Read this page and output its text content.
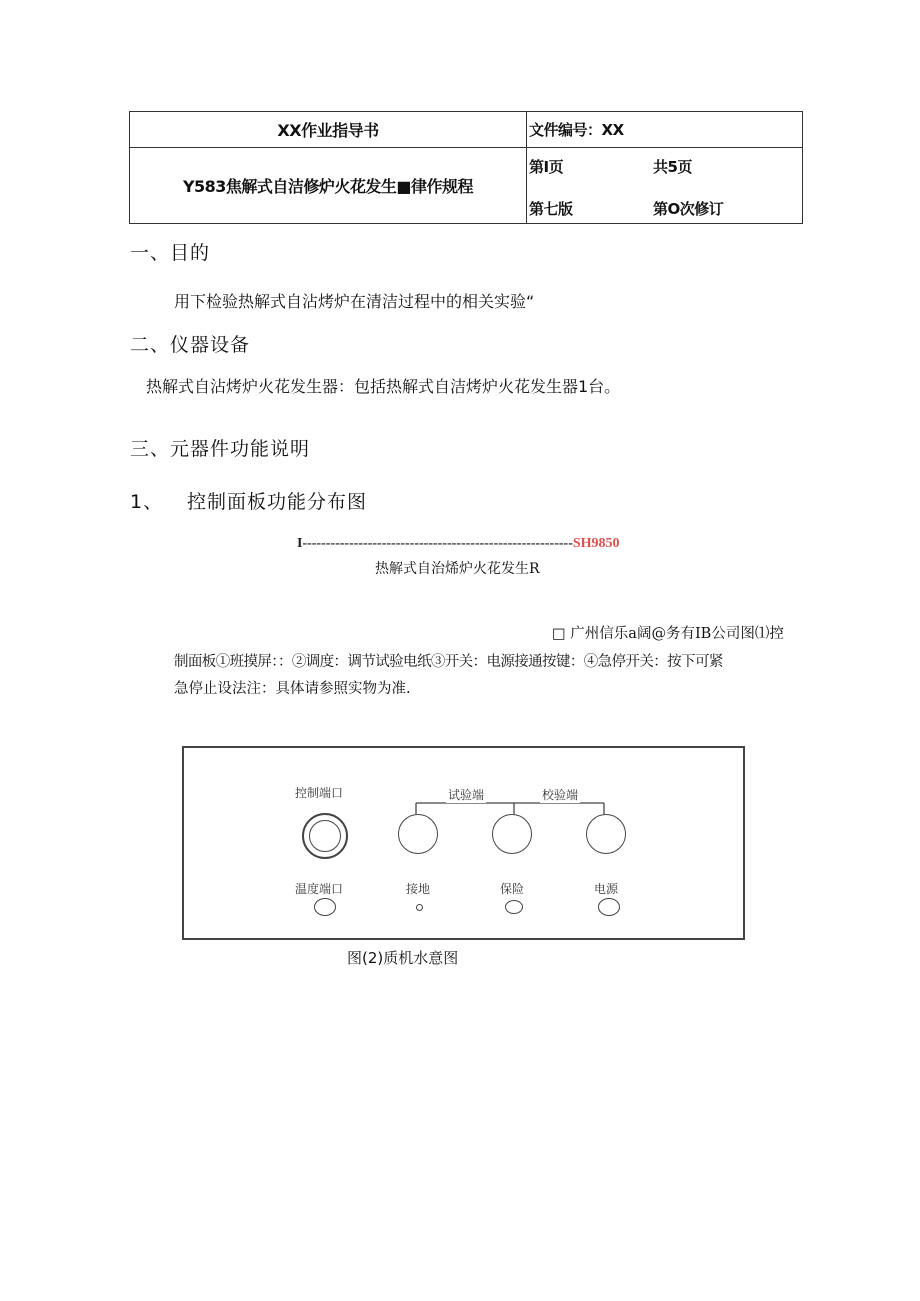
XX作业指导书	文件编号：XX
Y583焦解式自洁修炉火花发生■律作规程	第I页 共5页
第七版 第O次修订
一、目的
用下检验热解式自沾烤炉在清洁过程中的相关实验“
二、仪器设备
热解式自沾烤炉火花发生器：包括热解式自洁烤炉火花发生器1台。
三、元器件功能说明
1、 控制面板功能分布图
I----------------------------------------------------------SH9850
热解式自治烯炉火花发生R
□ 广州信乐a阔@务有IB公司图⑴控
制面板①班摸屏：：②调度：调节试验电纸③开关：电源接通按键：④急停开关：按下可紧
急停止设法注：具体请参照实物为准.
控制端口	试验端	校验端
温度端口	接地	保险	电源
图(2)质机水意图
